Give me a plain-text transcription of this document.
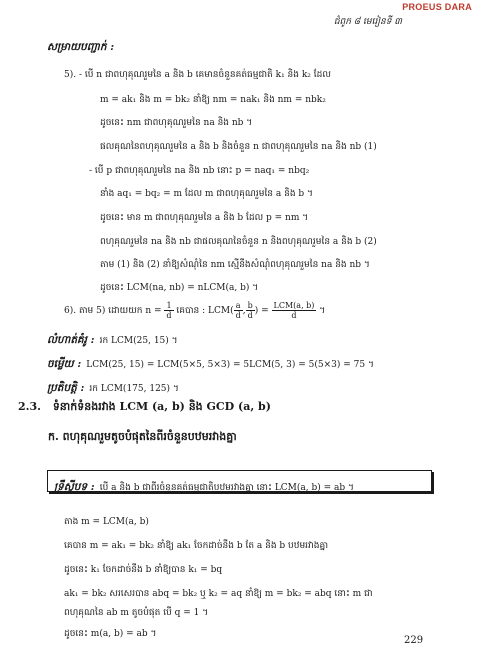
PROEUS DARA
ជំពូក ៨ មេរៀនទី ៣
សម្រាយបញ្ជាក់ :
5). - បើ n ជាពហុគុណរួមនៃ a និង b គេមានចំនួនគត់ធម្មជាតិ k₁ និង k₂ ដែល
m = ak₁ និង m = bk₂ នាំឱ្យ nm = nak₁ និង nm = nbk₂
ដូចនេះ nm ជាពហុគុណរួមនៃ na និង nb ។
ផលគុណនៃពហុគុណរួមនៃ a និង b និងចំនួន n ជាពហុគុណរួមនៃ na និង nb (1)
- បើ p ជាពហុគុណរួមនៃ na និង nb នោះ p = naq₁ = nbq₂
នាំង aq₁ = bq₂ = m ដែល m ជាពហុគុណរួមនៃ a និង b ។
ដូចនេះ មាន m ជាពហុគុណរួមនៃ a និង b ដែល p = nm ។
ពហុគុណរួមនៃ na និង nb ជាផលគុណនៃចំនួន n និងពហុគុណរួមនៃ a និង b (2)
តាម (1) និង (2) នាំឱ្យសំណុំនៃ nm ស្មើនឹងសំណុំពហុគុណរួមនៃ na និង nb ។
ដូចនេះ LCM(na, nb) = nLCM(a, b) ។
6). តាម 5) ដោយយក $n = \frac{1}{d}$ គេបាន : $LCM( \frac{a}{d}$ , $\frac{b}{d}$ ) = $\frac{\text{LCM(a, b)}}{d}$ ។
លំហាត់គំរូ : រក LCM(25, 15) ។
ចម្លើយ : LCM(25, 15) = LCM(5×5, 5×3) = 5LCM(5, 3) = 5(5×3) = 75 ។
ប្រតិបត្តិ : រក LCM(175, 125) ។
2.3. ទំនាក់ទំនងរវាង LCM (a, b) និង GCD (a, b)
ក. ពហុគុណរួមតូចបំផុតនៃពីរចំនួនបឋមរវាងគ្នា
ទ្រឹស្តីបទ : បើ a និង b ជាពីរចំនួនគត់ធម្មជាតិបឋមរវាងគ្នា នោះ LCM(a, b) = ab ។
តាង m = LCM(a, b)
គេបាន m = ak₁ = bk₂ នាំឱ្យ ak₁ ចែកដាច់នឹង b តែ a និង b បឋមរវាងគ្នា
ដូចនេះ k₁ ចែកដាច់នឹង b នាំឱ្យបាន k₁ = bq
ak₁ = bk₂ សរសេរបាន abq = bk₂ ឬ k₂ = aq នាំឱ្យ m = bk₂ = abq នោះ m ជា
ពហុគុណនៃ ab m តូចបំផុត បើ q = 1 ។
ដូចនេះ m(a, b) = ab ។
229
